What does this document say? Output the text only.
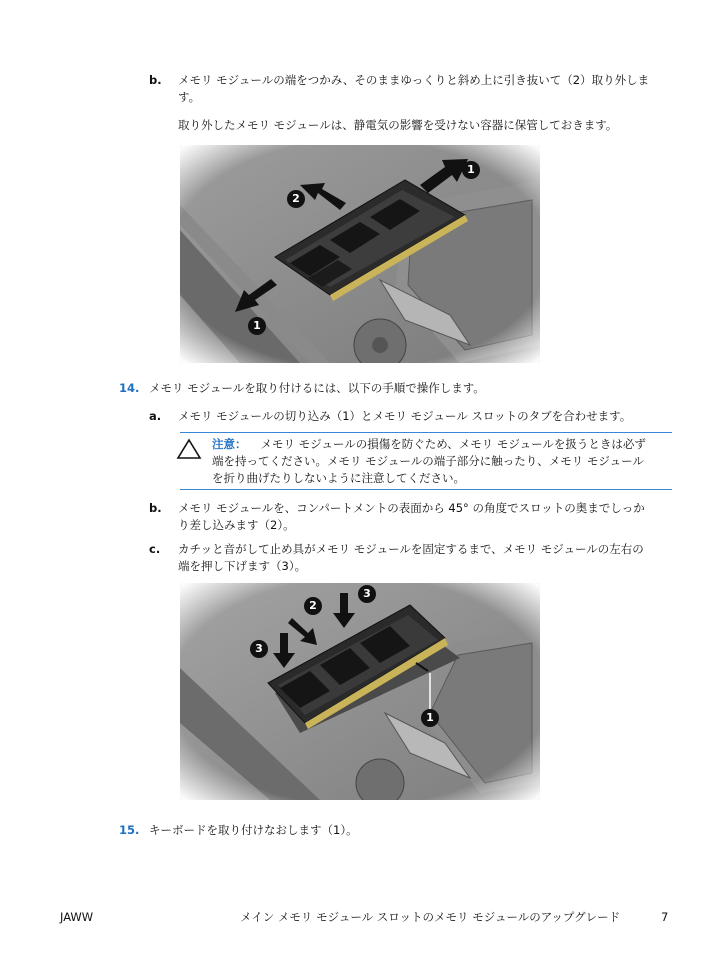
b. メモリ モジュールの端をつかみ、そのままゆっくりと斜め上に引き抜いて（2）取り外しま
す。
取り外したメモリ モジュールは、静電気の影響を受けない容器に保管しておきます。
1
2
1
14. メモリ モジュールを取り付けるには、以下の手順で操作します。
a. メモリ モジュールの切り込み（1）とメモリ モジュール スロットのタブを合わせます。
注意： メモリ モジュールの損傷を防ぐため、メモリ モジュールを扱うときは必ず
端を持ってください。メモリ モジュールの端子部分に触ったり、メモリ モジュール
を折り曲げたりしないように注意してください。
b. メモリ モジュールを、コンパートメントの表面から 45° の角度でスロットの奥までしっか
り差し込みます（2）。
c. カチッと音がして止め具がメモリ モジュールを固定するまで、メモリ モジュールの左右の
端を押し下げます（3）。
3
2
3
1
15. キーボードを取り付けなおします（1）。
JAWW	メイン メモリ モジュール スロットのメモリ モジュールのアップグレード	7
